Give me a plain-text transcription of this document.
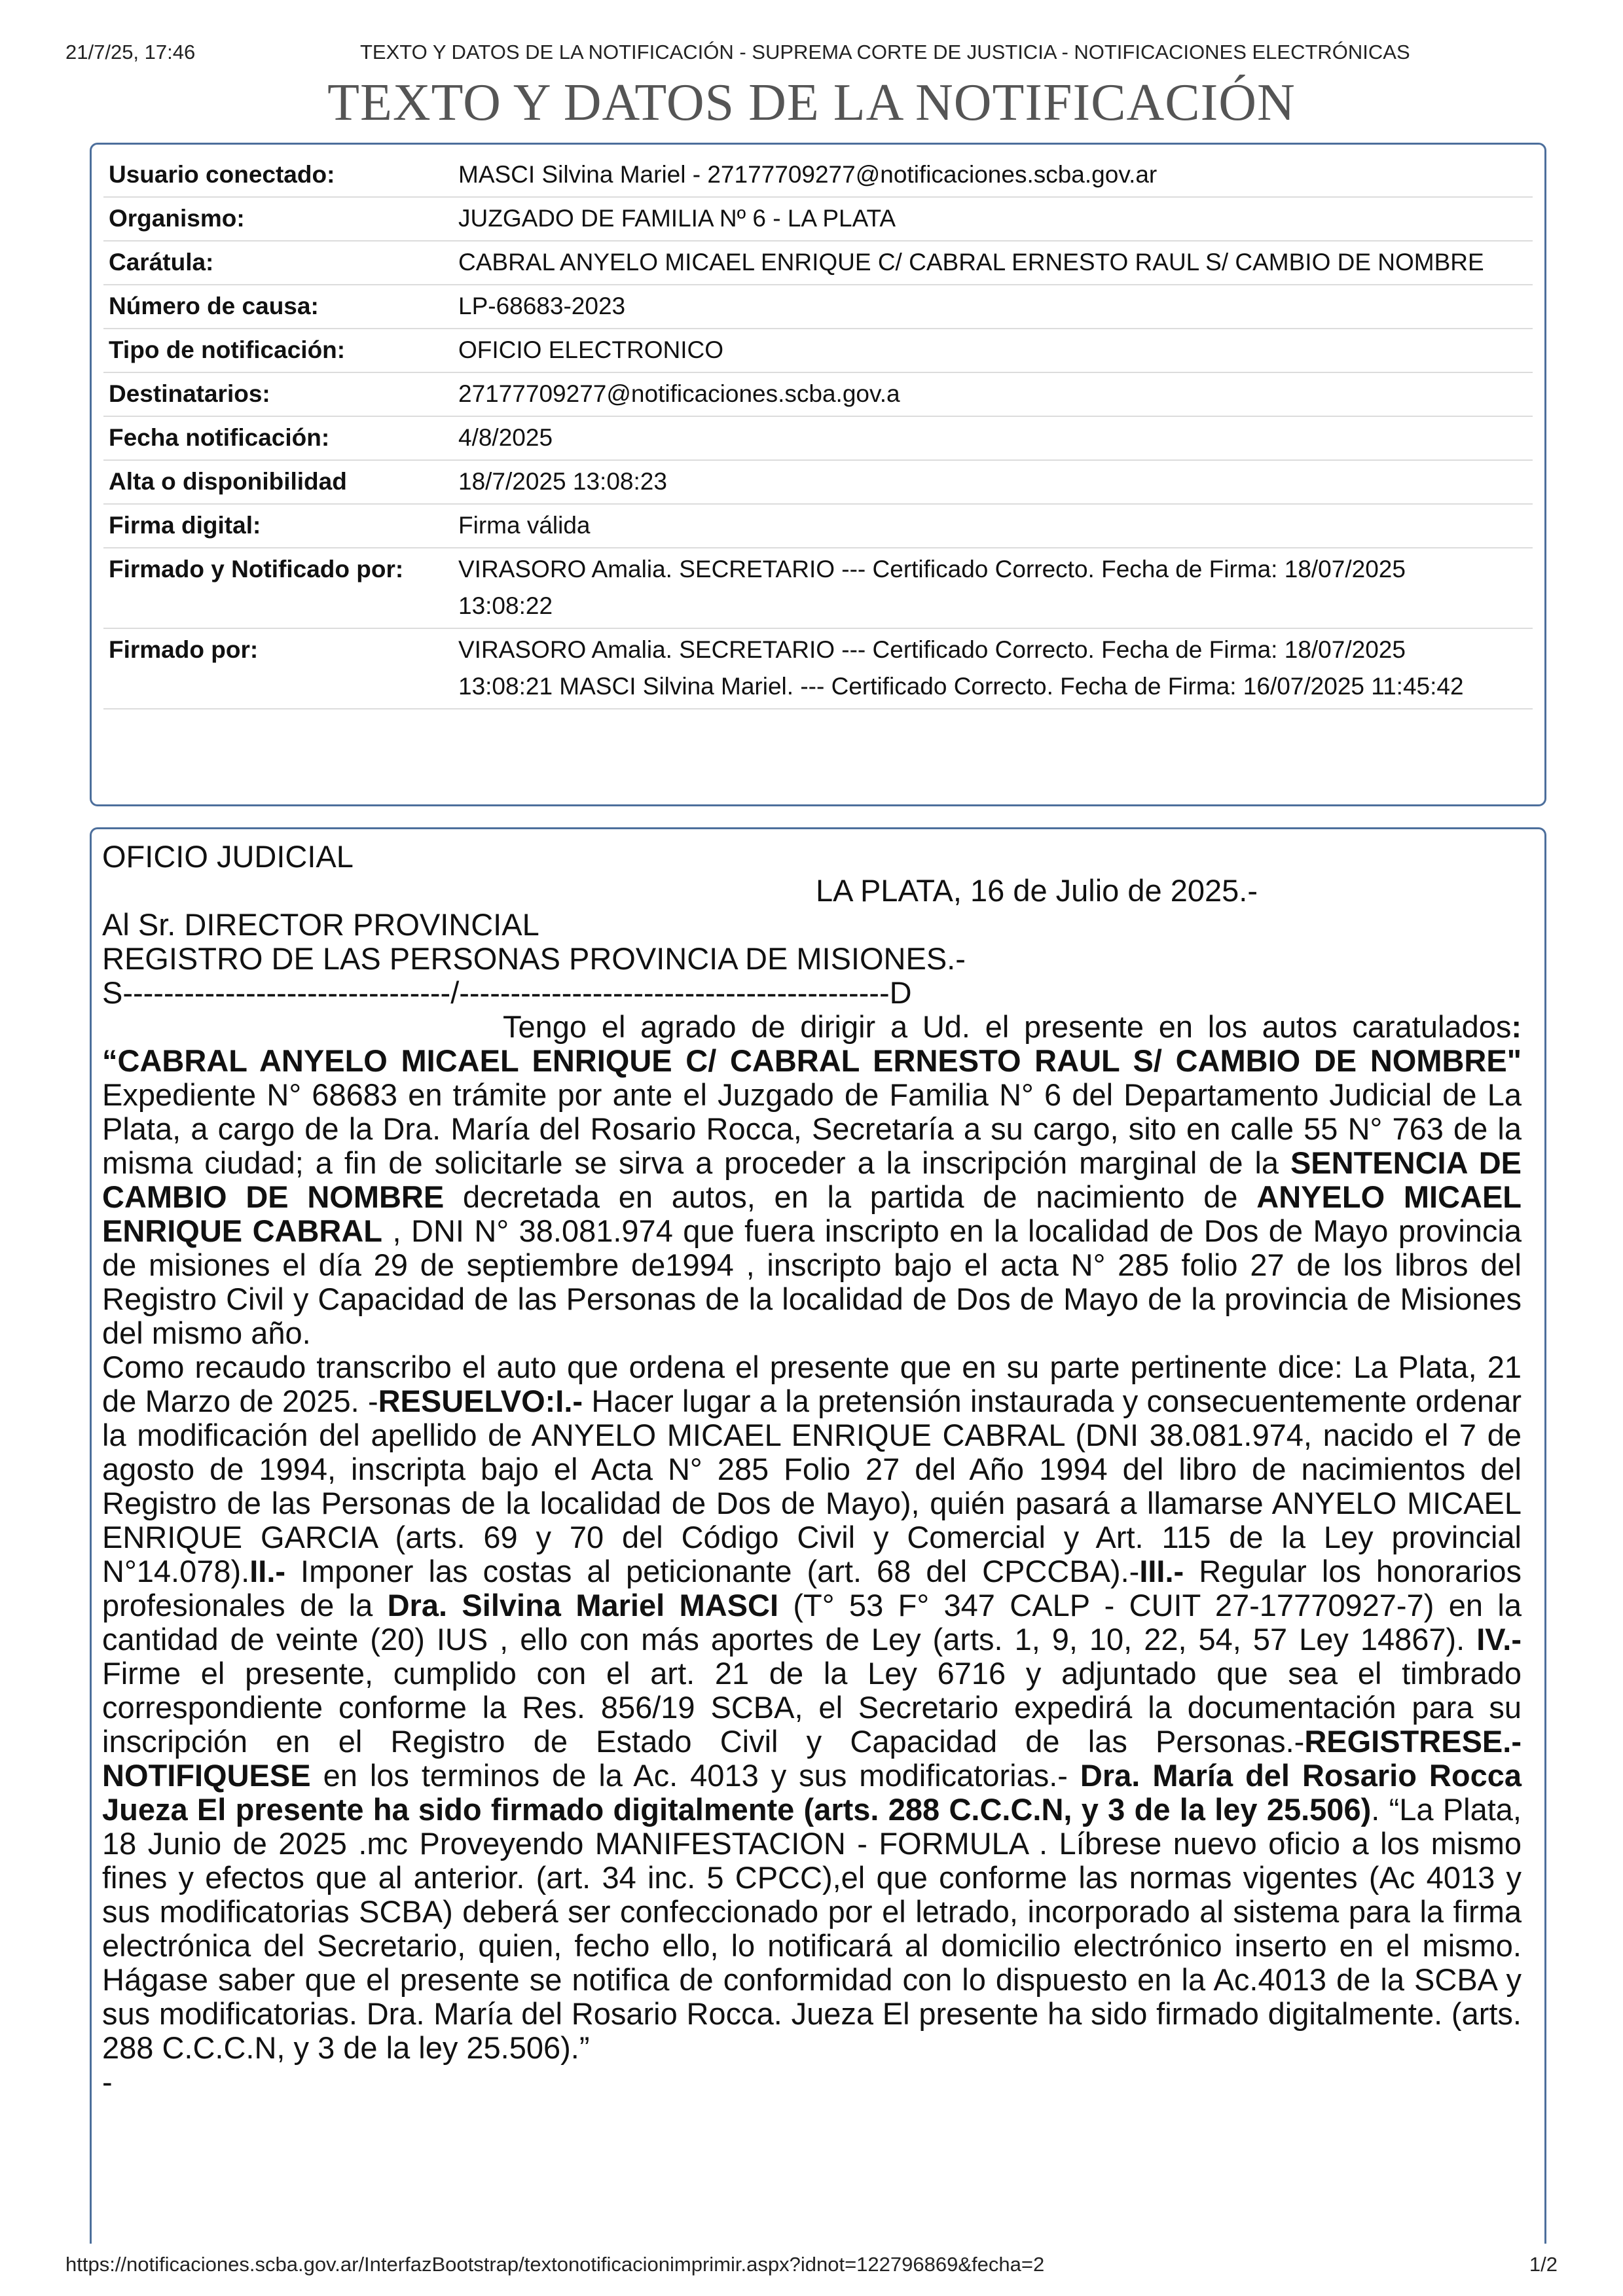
21/7/25, 17:46	TEXTO Y DATOS DE LA NOTIFICACIÓN - SUPREMA CORTE DE JUSTICIA - NOTIFICACIONES ELECTRÓNICAS
TEXTO Y DATOS DE LA NOTIFICACIÓN
Usuario conectado:	MASCI Silvina Mariel - 27177709277@notificaciones.scba.gov.ar
Organismo:	JUZGADO DE FAMILIA Nº 6 - LA PLATA
Carátula:	CABRAL ANYELO MICAEL ENRIQUE C/ CABRAL ERNESTO RAUL S/ CAMBIO DE NOMBRE
Número de causa:	LP-68683-2023
Tipo de notificación:	OFICIO ELECTRONICO
Destinatarios:	27177709277@notificaciones.scba.gov.a
Fecha notificación:	4/8/2025
Alta o disponibilidad	18/7/2025 13:08:23
Firma digital:	Firma válida
Firmado y Notificado por:	VIRASORO Amalia. SECRETARIO --- Certificado Correcto. Fecha de Firma: 18/07/2025 13:08:22
Firmado por:	VIRASORO Amalia. SECRETARIO --- Certificado Correcto. Fecha de Firma: 18/07/2025 13:08:21 MASCI Silvina Mariel. --- Certificado Correcto. Fecha de Firma: 16/07/2025 11:45:42

OFICIO JUDICIAL

LA PLATA, 16 de Julio de 2025.-

Al Sr. DIRECTOR PROVINCIAL

REGISTRO DE LAS PERSONAS PROVINCIA DE MISIONES.-

S--------------------------------/------------------------------------------D

Tengo el agrado de dirigir a Ud. el presente en los autos caratulados: “CABRAL ANYELO MICAEL ENRIQUE C/ CABRAL ERNESTO RAUL S/ CAMBIO DE NOMBRE" Expediente N° 68683 en trámite por ante el Juzgado de Familia N° 6 del Departamento Judicial de La Plata, a cargo de la Dra. María del Rosario Rocca, Secretaría a su cargo, sito en calle 55 N° 763 de la misma ciudad; a fin de solicitarle se sirva a proceder a la inscripción marginal de la SENTENCIA DE CAMBIO DE NOMBRE decretada en autos, en la partida de nacimiento de ANYELO MICAEL ENRIQUE CABRAL , DNI N° 38.081.974 que fuera inscripto en la localidad de Dos de Mayo provincia de misiones el día 29 de septiembre de1994 , inscripto bajo el acta N° 285 folio 27 de los libros del Registro Civil y Capacidad de las Personas de la localidad de Dos de Mayo de la provincia de Misiones del mismo año.

Como recaudo transcribo el auto que ordena el presente que en su parte pertinente dice: La Plata, 21 de Marzo de 2025. -RESUELVO:I.- Hacer lugar a la pretensión instaurada y consecuentemente ordenar la modificación del apellido de ANYELO MICAEL ENRIQUE CABRAL (DNI 38.081.974, nacido el 7 de agosto de 1994, inscripta bajo el Acta N° 285 Folio 27 del Año 1994 del libro de nacimientos del Registro de las Personas de la localidad de Dos de Mayo), quién pasará a llamarse ANYELO MICAEL ENRIQUE GARCIA (arts. 69 y 70 del Código Civil y Comercial y Art. 115 de la Ley provincial N°14.078).II.- Imponer las costas al peticionante (art. 68 del CPCCBA).-III.- Regular los honorarios profesionales de la Dra. Silvina Mariel MASCI (T° 53 F° 347 CALP - CUIT 27-17770927-7) en la cantidad de veinte (20) IUS , ello con más aportes de Ley (arts. 1, 9, 10, 22, 54, 57 Ley 14867). IV.- Firme el presente, cumplido con el art. 21 de la Ley 6716 y adjuntado que sea el timbrado correspondiente conforme la Res. 856/19 SCBA, el Secretario expedirá la documentación para su inscripción en el Registro de Estado Civil y Capacidad de las Personas.-REGISTRESE.- NOTIFIQUESE en los terminos de la Ac. 4013 y sus modificatorias.- Dra. María del Rosario Rocca Jueza El presente ha sido firmado digitalmente (arts. 288 C.C.C.N, y 3 de la ley 25.506). “La Plata, 18 Junio de 2025 .mc Proveyendo MANIFESTACION - FORMULA . Líbrese nuevo oficio a los mismo fines y efectos que al anterior. (art. 34 inc. 5 CPCC),el que conforme las normas vigentes (Ac 4013 y sus modificatorias SCBA) deberá ser confeccionado por el letrado, incorporado al sistema para la firma electrónica del Secretario, quien, fecho ello, lo notificará al domicilio electrónico inserto en el mismo. Hágase saber que el presente se notifica de conformidad con lo dispuesto en la Ac.4013 de la SCBA y sus modificatorias. Dra. María del Rosario Rocca. Jueza El presente ha sido firmado digitalmente. (arts. 288 C.C.C.N, y 3 de la ley 25.506).”

-

https://notificaciones.scba.gov.ar/InterfazBootstrap/textonotificacionimprimir.aspx?idnot=122796869&fecha=2	1/2
